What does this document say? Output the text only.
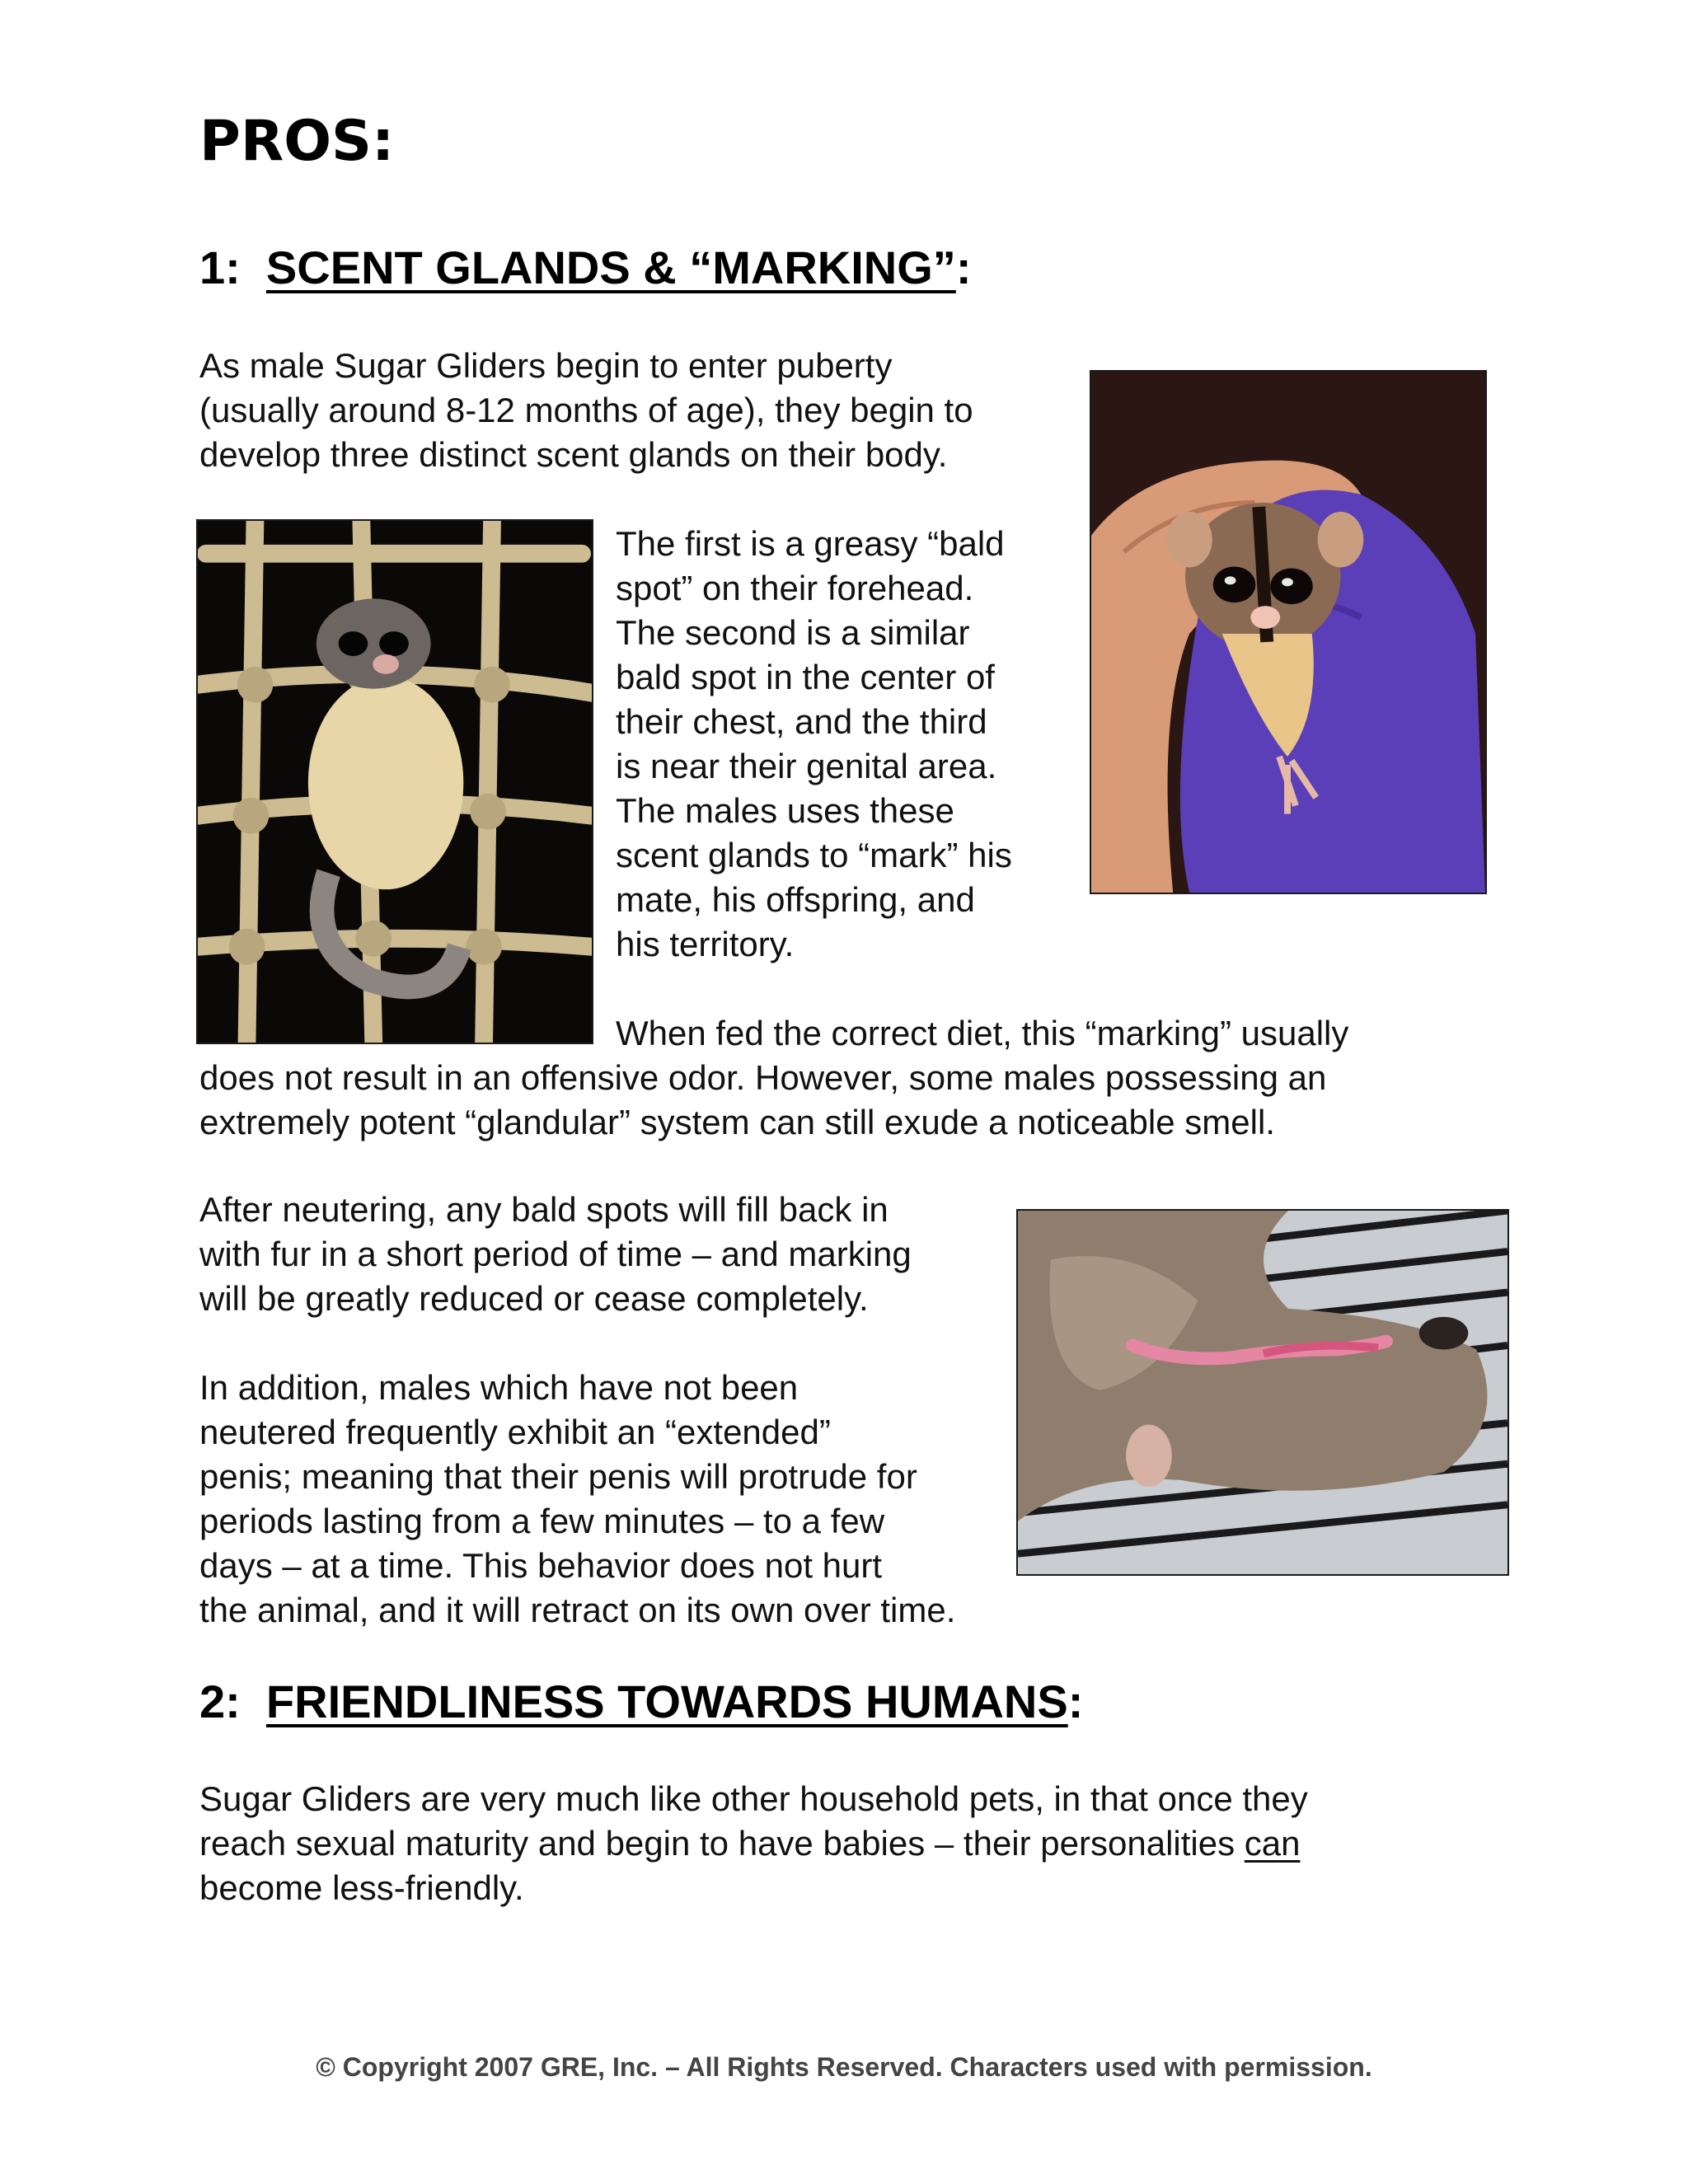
PROS:
1: SCENT GLANDS & “MARKING”:

As male Sugar Gliders begin to enter puberty
(usually around 8-12 months of age), they begin to
develop three distinct scent glands on their body.

The first is a greasy “bald
spot” on their forehead.
The second is a similar
bald spot in the center of
their chest, and the third
is near their genital area.
The males uses these
scent glands to “mark” his
mate, his offspring, and
his territory.

When fed the correct diet, this “marking” usually
does not result in an offensive odor. However, some males possessing an
extremely potent “glandular” system can still exude a noticeable smell.

After neutering, any bald spots will fill back in
with fur in a short period of time – and marking
will be greatly reduced or cease completely.

In addition, males which have not been
neutered frequently exhibit an “extended”
penis; meaning that their penis will protrude for
periods lasting from a few minutes – to a few
days – at a time. This behavior does not hurt
the animal, and it will retract on its own over time.

2: FRIENDLINESS TOWARDS HUMANS:

Sugar Gliders are very much like other household pets, in that once they
reach sexual maturity and begin to have babies – their personalities can
become less-friendly.

© Copyright 2007 GRE, Inc. – All Rights Reserved. Characters used with permission.
